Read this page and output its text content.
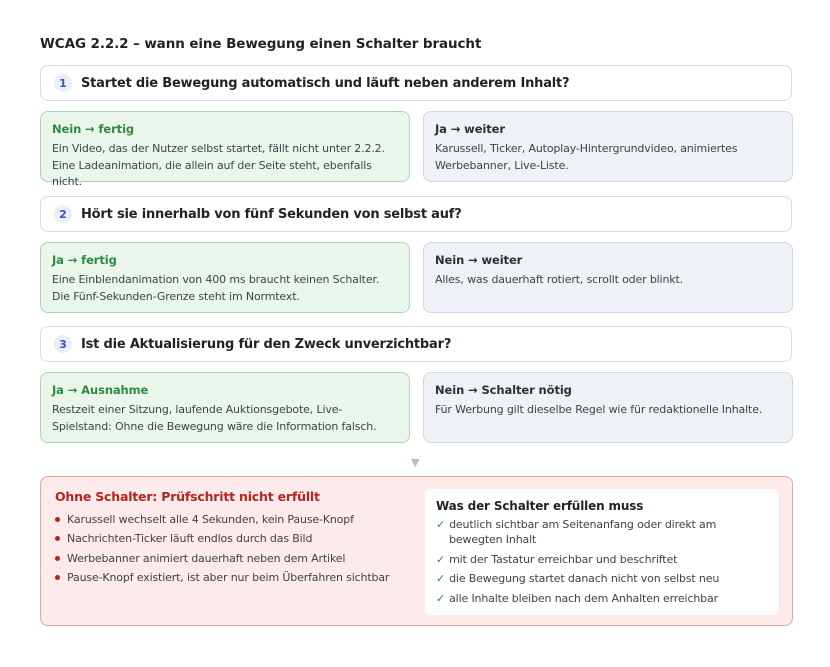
WCAG 2.2.2 – wann eine Bewegung einen Schalter braucht
1	Startet die Bewegung automatisch und läuft neben anderem Inhalt?
Nein → fertig
Ein Video, das der Nutzer selbst startet, fällt nicht unter 2.2.2. Eine Ladeanimation, die allein auf der Seite steht, ebenfalls nicht.
Ja → weiter
Karussell, Ticker, Autoplay-Hintergrundvideo, animiertes Werbebanner, Live-Liste.
2	Hört sie innerhalb von fünf Sekunden von selbst auf?
Ja → fertig
Eine Einblendanimation von 400 ms braucht keinen Schalter. Die Fünf-Sekunden-Grenze steht im Normtext.
Nein → weiter
Alles, was dauerhaft rotiert, scrollt oder blinkt.
3	Ist die Aktualisierung für den Zweck unverzichtbar?
Ja → Ausnahme
Restzeit einer Sitzung, laufende Auktionsgebote, Live-Spielstand: Ohne die Bewegung wäre die Information falsch.
Nein → Schalter nötig
Für Werbung gilt dieselbe Regel wie für redaktionelle Inhalte.
▼
Ohne Schalter: Prüfschritt nicht erfüllt
Karussell wechselt alle 4 Sekunden, kein Pause-Knopf
Nachrichten-Ticker läuft endlos durch das Bild
Werbebanner animiert dauerhaft neben dem Artikel
Pause-Knopf existiert, ist aber nur beim Überfahren sichtbar
Was der Schalter erfüllen muss
✓ deutlich sichtbar am Seitenanfang oder direkt am bewegten Inhalt
✓ mit der Tastatur erreichbar und beschriftet
✓ die Bewegung startet danach nicht von selbst neu
✓ alle Inhalte bleiben nach dem Anhalten erreichbar
